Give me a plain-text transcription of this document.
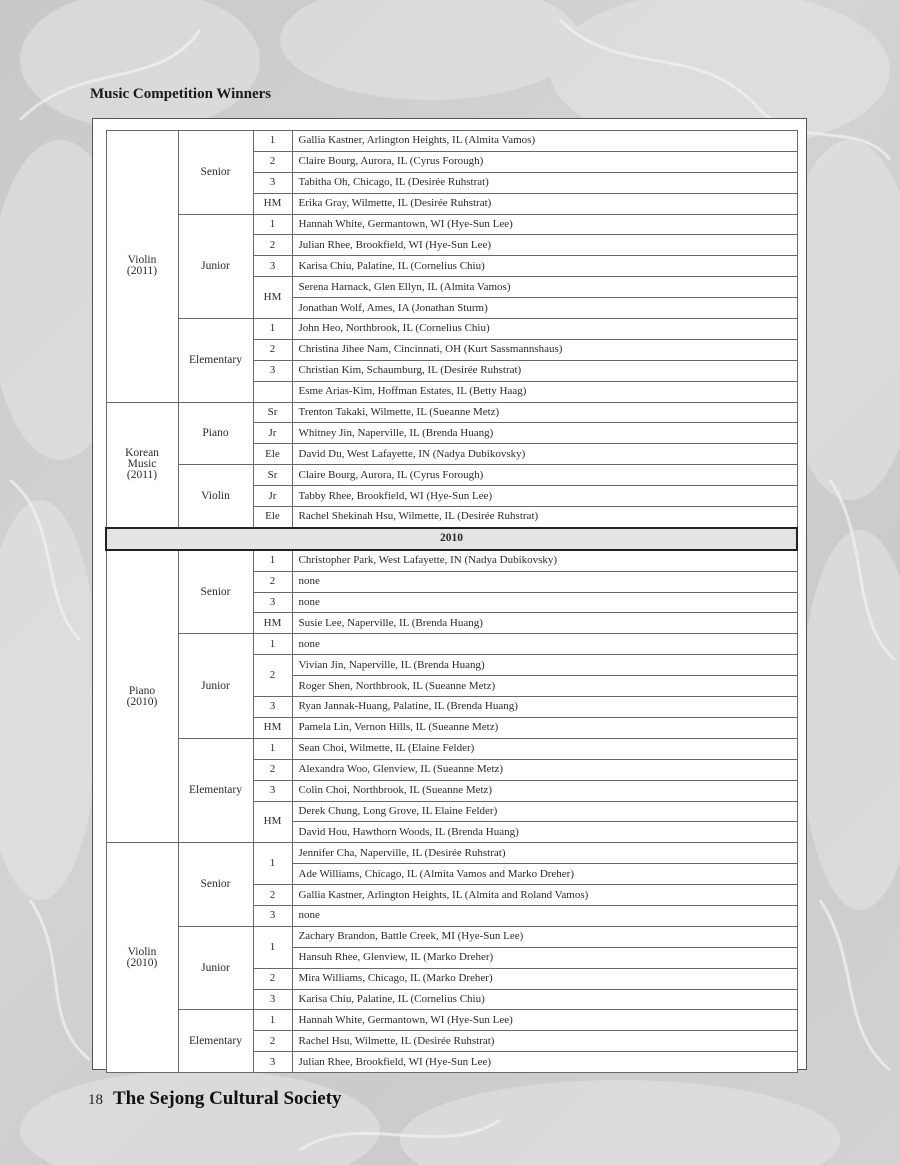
Music Competition Winners
Violin
(2011)	Senior	1	Gallia Kastner, Arlington Heights, IL (Almita Vamos)
		2	Claire Bourg, Aurora, IL (Cyrus Forough)
		3	Tabitha Oh, Chicago, IL (Desirée Ruhstrat)
		HM	Erika Gray, Wilmette, IL (Desirée Ruhstrat)
	Junior	1	Hannah White, Germantown, WI (Hye-Sun Lee)
		2	Julian Rhee, Brookfield, WI (Hye-Sun Lee)
		3	Karisa Chiu, Palatine, IL (Cornelius Chiu)
		HM	Serena Harnack, Glen Ellyn, IL (Almita Vamos)
			Jonathan Wolf, Ames, IA (Jonathan Sturm)
	Elementary	1	John Heo, Northbrook, IL (Cornelius Chiu)
		2	Christina Jihee Nam, Cincinnati, OH (Kurt Sassmannshaus)
		3	Christian Kim, Schaumburg, IL (Desirée Ruhstrat)
			Esme Arias-Kim, Hoffman Estates, IL (Betty Haag)
Korean
Music
(2011)	Piano	Sr	Trenton Takaki, Wilmette, IL (Sueanne Metz)
		Jr	Whitney Jin, Naperville, IL (Brenda Huang)
		Ele	David Du, West Lafayette, IN (Nadya Dubikovsky)
	Violin	Sr	Claire Bourg, Aurora, IL (Cyrus Forough)
		Jr	Tabby Rhee, Brookfield, WI (Hye-Sun Lee)
		Ele	Rachel Shekinah Hsu, Wilmette, IL (Desirée Ruhstrat)
2010			
Piano
(2010)	Senior	1	Christopher Park, West Lafayette, IN (Nadya Dubikovsky)
		2	none
		3	none
		HM	Susie Lee, Naperville, IL (Brenda Huang)
	Junior	1	none
		2	Vivian Jin, Naperville, IL (Brenda Huang)
			Roger Shen, Northbrook, IL (Sueanne Metz)
		3	Ryan Jannak-Huang, Palatine, IL (Brenda Huang)
		HM	Pamela Lin, Vernon Hills, IL (Sueanne Metz)
	Elementary	1	Sean Choi, Wilmette, IL (Elaine Felder)
		2	Alexandra Woo, Glenview, IL (Sueanne Metz)
		3	Colin Choi, Northbrook, IL (Sueanne Metz)
		HM	Derek Chung, Long Grove, IL Elaine Felder)
			David Hou, Hawthorn Woods, IL (Brenda Huang)
Violin
(2010)	Senior	1	Jennifer Cha, Naperville, IL (Desirée Ruhstrat)
			Ade Williams, Chicago, IL (Almita Vamos and Marko Dreher)
		2	Gallia Kastner, Arlington Heights, IL (Almita and Roland Vamos)
		3	none
	Junior	1	Zachary Brandon, Battle Creek, MI (Hye-Sun Lee)
			Hansuh Rhee, Glenview, IL (Marko Dreher)
		2	Mira Williams, Chicago, IL (Marko Dreher)
		3	Karisa Chiu, Palatine, IL (Cornelius Chiu)
	Elementary	1	Hannah White, Germantown, WI (Hye-Sun Lee)
		2	Rachel Hsu, Wilmette, IL (Desirée Ruhstrat)
		3	Julian Rhee, Brookfield, WI (Hye-Sun Lee)
18 The Sejong Cultural Society
